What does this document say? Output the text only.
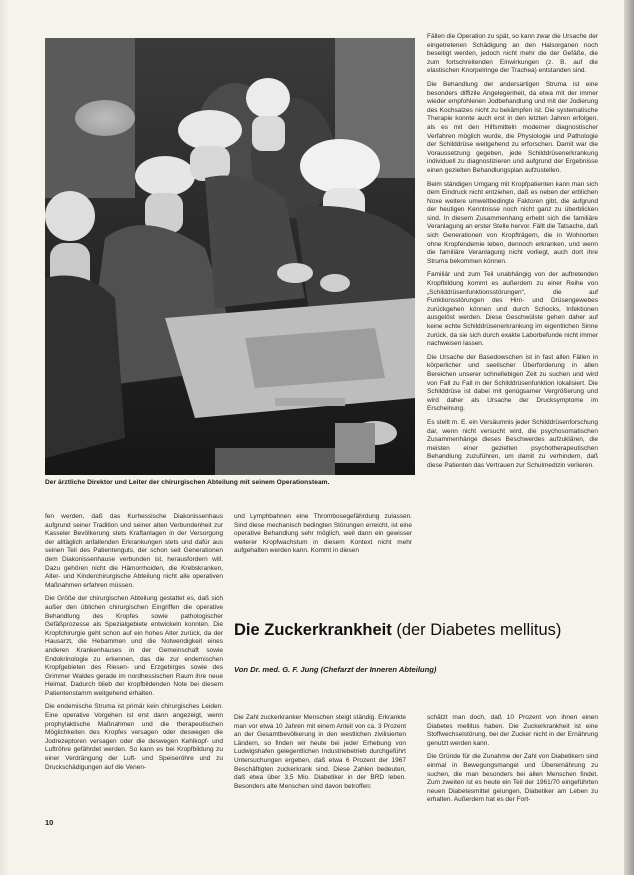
Der ärztliche Direktor und Leiter der chirurgischen Abteilung mit seinem Operationsteam.

Fällen die Operation zu spät, so kann zwar die Ursache der eingetretenen Schädigung an den Halsorganen noch beseitigt werden, jedoch nicht mehr die der Gefäße, die zum fortschreitenden Einwirkungen (z. B. auf die elastischen Knorpelringe der Trachea) entstanden sind.

Die Behandlung der andersartigen Struma ist eine besonders diffizile Angelegenheit, da etwa mit der immer wieder empfohlenen Jodbehandlung und mit der Jodierung des Kochsalzes nicht zu bekämpfen ist. Die systematische Therapie konnte auch erst in den letzten Jahren erfolgen, als es mit den Hilfsmitteln moderner diagnostischer Verfahren möglich wurde, die Physiologie und Pathologie der Schilddrüse weitgehend zu erforschen. Damit war die Voraussetzung gegeben, jede Schilddrüsenerkrankung individuell zu diagnostizieren und aufgrund der Ergebnisse einen gezielten Behandlungsplan aufzustellen.

Beim ständigen Umgang mit Kropfpatienten kann man sich dem Eindruck nicht entziehen, daß es neben der erblichen Noxe weitere umweltbedingte Faktoren gibt, die aufgrund der heutigen Kenntnisse noch nicht ganz zu überblicken sind. In diesem Zusammenhang erhebt sich die familiäre Veranlagung an erster Stelle hervor. Fällt die Tatsache, daß sich Generationen von Kropfträgern, die in Wohnorten ohne Kropfendemie leben, dennoch erkranken, und wenn die familiäre Veranlagung nicht vorliegt, auch dort ihre Struma bekommen können.

Familiär und zum Teil unabhängig von der auftretenden Kropfbildung kommt es außerdem zu einer Reihe von „Schilddrüsenfunktionsstörungen“, die auf Funktionsstörungen des Hirn- und Drüsengewebes zurückgehen können und durch Schocks, Infektionen ausgelöst werden. Diese Geschwülste gehen daher auf keine echte Schilddrüsenerkrankung im eigentlichen Sinne zurück, da sie sich durch exakte Laborbefunde nicht immer nachweisen lassen.

Die Ursache der Basedowschen ist in fast allen Fällen in körperlicher und seelischer Überforderung in allen Bereichen unserer schnellebigen Zeit zu suchen und wird von Fall zu Fall in der Schilddrüsenfunktion lokalisiert. Die Schilddrüse ist dabei mit genügsamer Vergrößerung und wird daher als Ursache der Drucksymptome im Erscheinung.

Es stellt m. E. ein Versäumnis jeder Schilddrüsenforschung dar, wenn nicht versucht wird, die psychosomatischen Zusammenhänge dieses Beschwerdes aufzuklären, die meisten einer gezielten psychotherapeutischen Behandlung zuzuführen, um damit zu verhindern, daß diese Patienten das Vertrauen zur Schulmedizin verlieren.

fen werden, daß das Kurhessische Diakonissenhaus aufgrund seiner Tradition und seiner alten Verbundenheit zur Kasseler Bevölkerung stets Kraftanlagen in der Versorgung der alltäglich anfallenden Erkrankungen stets und dafür aus seinen Teil des Patientenguts, der schon seit Generationen dem Diakonissenhause verbunden ist, herausfordern will. Dazu gehören nicht die Hämorrhoiden, die Krebskranken, Alter- und Kinderchirurgische Abteilung nicht alle operativen Maßnahmen erfahren müssen.

Die Größe der chirurgischen Abteilung gestattet es, daß sich außer den üblichen chirurgischen Eingriffen die operative Behandlung des Kropfes sowie pathologischer Gefäßprozesse als Spezialgebiete entwickeln konnten. Die Kropfchirurgie geht schon auf ein hohes Alter zurück, da der Hausarzt, die Hebammen und die Notwendigkeit eines anderen Krankenhauses in der Gemeinschaft sowie Endokrinologie zu erkennen, das die zur endemischen Kropfgebieten des Riesen- und Erzgebirges sowie des Grimmer Waldes gerade im nordhessischen Raum ihre neue Heimat. Dadurch blieb der kropfbildenden Note bei diesem Patientenstamm weitgehend erhalten.

Die endemische Struma ist primär kein chirurgisches Leiden. Eine operative Vorgehen ist erst dann angezeigt, wenn prophylaktische Maßnahmen und die therapeutischen Möglichkeiten des Kropfes versagen oder deswegen die Jodrezeptoren versagen oder die deswegen Kehlkopf- und Luftröhre gefährdet werden. So kann es bei Kropfbildung zu einer Verdrängung der Luft- und Speiseröhre und zu Druckschädigungen auf die Venen-

und Lymphbahnen eine Thrombosegefährdung zulassen. Sind diese mechanisch bedingten Störungen erreicht, ist eine operative Behandlung sehr möglich, weil dann ein gewisser weiterer Kropfwachstum in diesem Kontext nicht mehr aufgehalten werden kann. Kommt in diesen

Die Zuckerkrankheit (der Diabetes mellitus)
Von Dr. med. G. F. Jung (Chefarzt der Inneren Abteilung)

Die Zahl zuckerkranker Menschen steigt ständig. Erkrankte man vor etwa 10 Jahren mit einem Anteil von ca. 3 Prozent an der Gesamtbevölkerung in den westlichen zivilisierten Ländern, so finden wir heute bei jeder Erhebung von Ludwigshafen gelegentlichen Industriebetrieb durchgeführt Untersuchungen ergeben, daß etwa 6 Prozent der 1967 Beschäftigten zuckerkrank sind. Diese Zahlen bedeuten, daß etwa über 3,5 Mio. Diabetiker in der BRD leben. Besonders alte Menschen sind davon betroffen:

schätzt man doch, daß 10 Prozent von ihnen einen Diabetes mellitus haben. Die Zuckerkrankheit ist eine Stoffwechselstörung, bei der Zucker nicht in der Ernährung genutzt werden kann.

Die Gründe für die Zunahme der Zahl von Diabetikern sind einmal in Bewegungsmangel und Überernährung zu suchen, die man besonders bei allen Menschen findet. Zum zweiten ist es heute ein Teil der 1961/70 eingeführten neuen Diabetesmittel gelungen, Diabetiker am Leben zu erhalten. Außerdem hat es der Fort-

10
